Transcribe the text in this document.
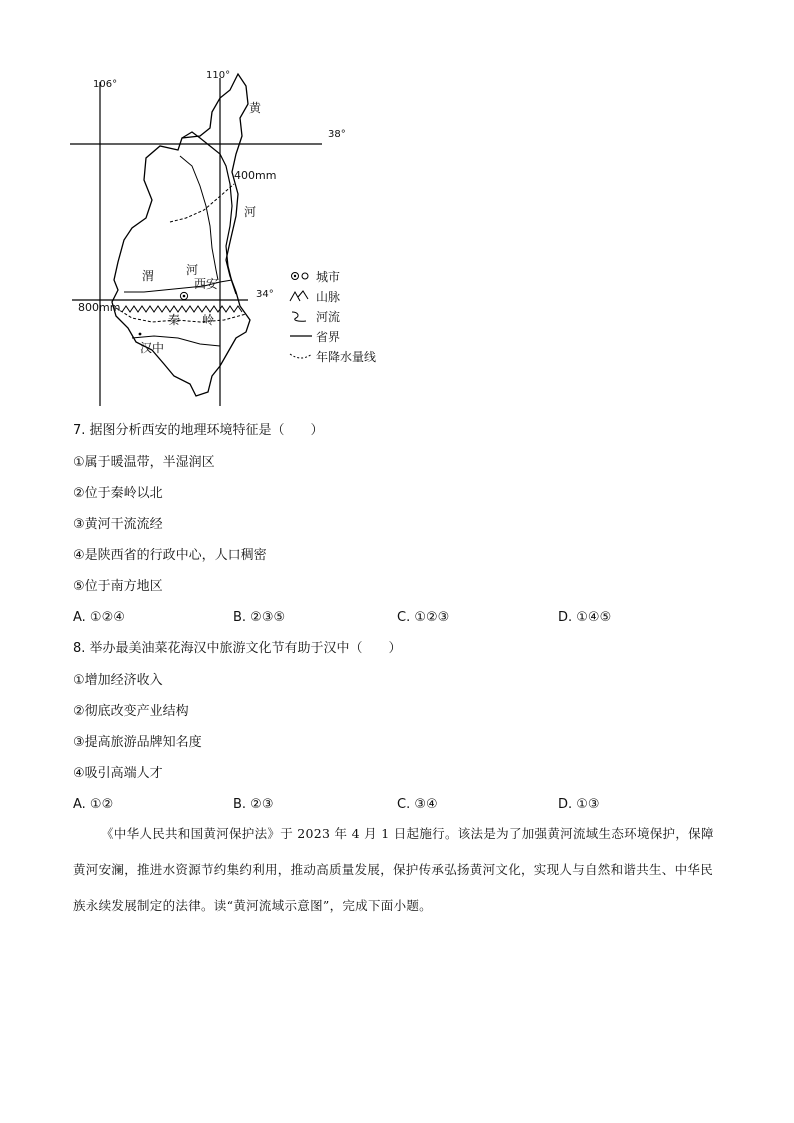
106°
110°
38°
34°
黄
河
400mm
800mm
渭	河
西安
秦 岭
汉中
城市
山脉
河流
省界
年降水量线
7. 据图分析西安的地理环境特征是（　　）
①属于暖温带，半湿润区
②位于秦岭以北
③黄河干流流经
④是陕西省的行政中心，人口稠密
⑤位于南方地区
A. ①②④	B. ②③⑤	C. ①②③	D. ①④⑤
8. 举办最美油菜花海汉中旅游文化节有助于汉中（　　）
①增加经济收入
②彻底改变产业结构
③提高旅游品牌知名度
④吸引高端人才
A. ①②	B. ②③	C. ③④	D. ①③
《中华人民共和国黄河保护法》于 2023 年 4 月 1 日起施行。该法是为了加强黄河流域生态环境保护，保障黄河安澜，推进水资源节约集约利用，推动高质量发展，保护传承弘扬黄河文化，实现人与自然和谐共生、中华民族永续发展制定的法律。读“黄河流域示意图”，完成下面小题。
